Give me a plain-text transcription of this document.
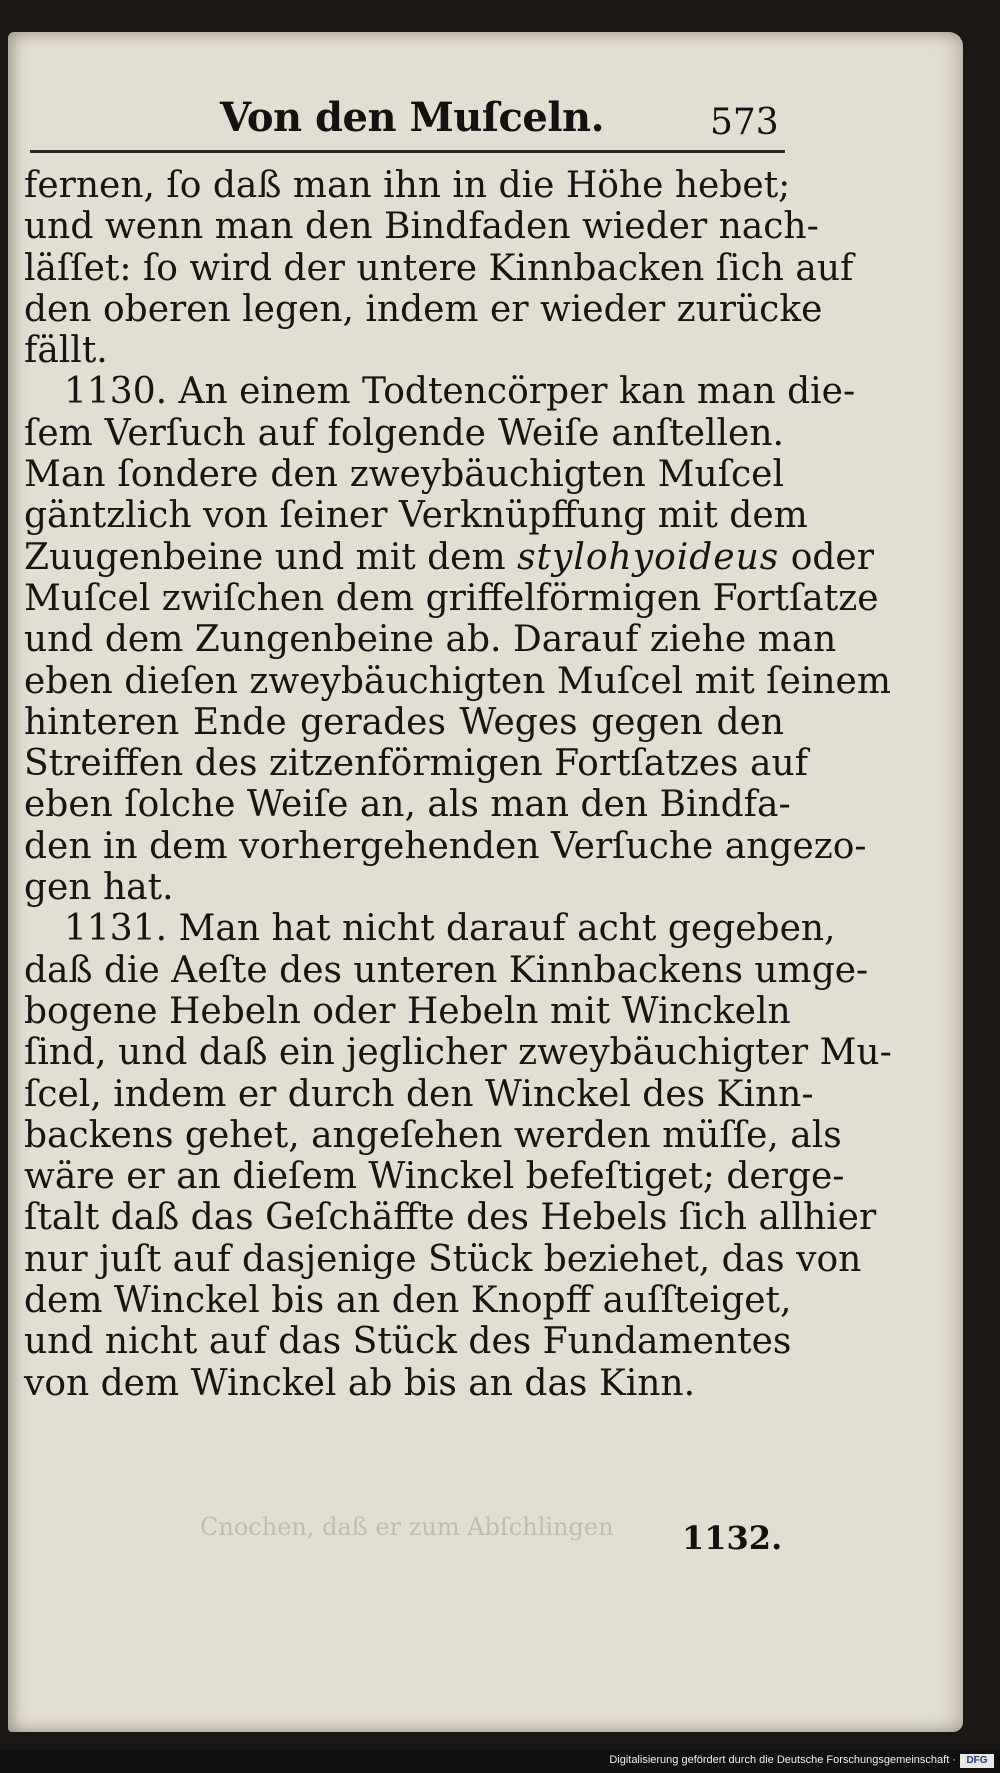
Von den Muſceln.	573
fernen, ſo daß man ihn in die Höhe hebet;
und wenn man den Bindfaden wieder nach-
läſſet: ſo wird der untere Kinnbacken ſich auf
den oberen legen, indem er wieder zurücke
fällt.
1130. An einem Todtencörper kan man die-
ſem Verſuch auf folgende Weiſe anſtellen.
Man ſondere den zweybäuchigten Muſcel
gäntzlich von ſeiner Verknüpffung mit dem
Zuugenbeine und mit dem stylohyoideus oder
Muſcel zwiſchen dem griffelförmigen Fortſatze
und dem Zungenbeine ab. Darauf ziehe man
eben dieſen zweybäuchigten Muſcel mit ſeinem
hinteren Ende gerades Weges gegen den
Streiffen des zitzenförmigen Fortſatzes auf
eben ſolche Weiſe an, als man den Bindfa-
den in dem vorhergehenden Verſuche angezo-
gen hat.
1131. Man hat nicht darauf acht gegeben,
daß die Aeſte des unteren Kinnbackens umge-
bogene Hebeln oder Hebeln mit Winckeln
ſind, und daß ein jeglicher zweybäuchigter Mu-
ſcel, indem er durch den Winckel des Kinn-
backens gehet, angeſehen werden müſſe, als
wäre er an dieſem Winckel befeſtiget; derge-
ſtalt daß das Geſchäffte des Hebels ſich allhier
nur juſt auf dasjenige Stück beziehet, das von
dem Winckel bis an den Knopff auſſteiget,
und nicht auf das Stück des Fundamentes
von dem Winckel ab bis an das Kinn.
Cnochen, daß er zum Abſchlingen	1132.
Digitalisierung gefördert durch die Deutsche Forschungsgemeinschaft ·	DFG
